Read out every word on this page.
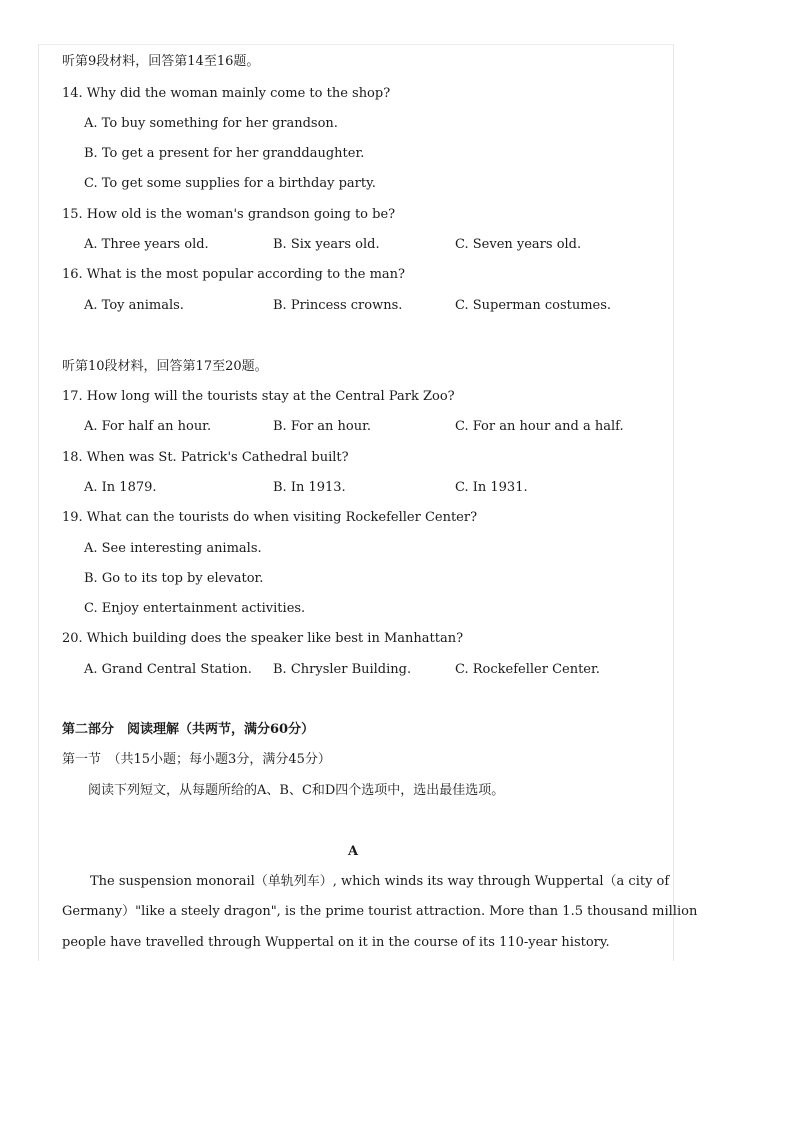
听第9段材料，回答第14至16题。
14. Why did the woman mainly come to the shop?
A. To buy something for her grandson.
B. To get a present for her granddaughter.
C. To get some supplies for a birthday party.
15. How old is the woman's grandson going to be?
A. Three years old.	B. Six years old.	C. Seven years old.
16. What is the most popular according to the man?
A. Toy animals.	B. Princess crowns.	C. Superman costumes.
听第10段材料，回答第17至20题。
17. How long will the tourists stay at the Central Park Zoo?
A. For half an hour.	B. For an hour.	C. For an hour and a half.
18. When was St. Patrick's Cathedral built?
A. In 1879.	B. In 1913.	C. In 1931.
19. What can the tourists do when visiting Rockefeller Center?
A. See interesting animals.
B. Go to its top by elevator.
C. Enjoy entertainment activities.
20. Which building does the speaker like best in Manhattan?
A. Grand Central Station. B. Chrysler Building.	C. Rockefeller Center.
第二部分　阅读理解（共两节，满分60分）
第一节　（共15小题；每小题3分，满分45分）
阅读下列短文，从每题所给的A、B、C和D四个选项中，选出最佳选项。
A
The suspension monorail（单轨列车）, which winds its way through Wuppertal（a city of
Germany）"like a steely dragon", is the prime tourist attraction. More than 1.5 thousand million
people have travelled through Wuppertal on it in the course of its 110-year history.
